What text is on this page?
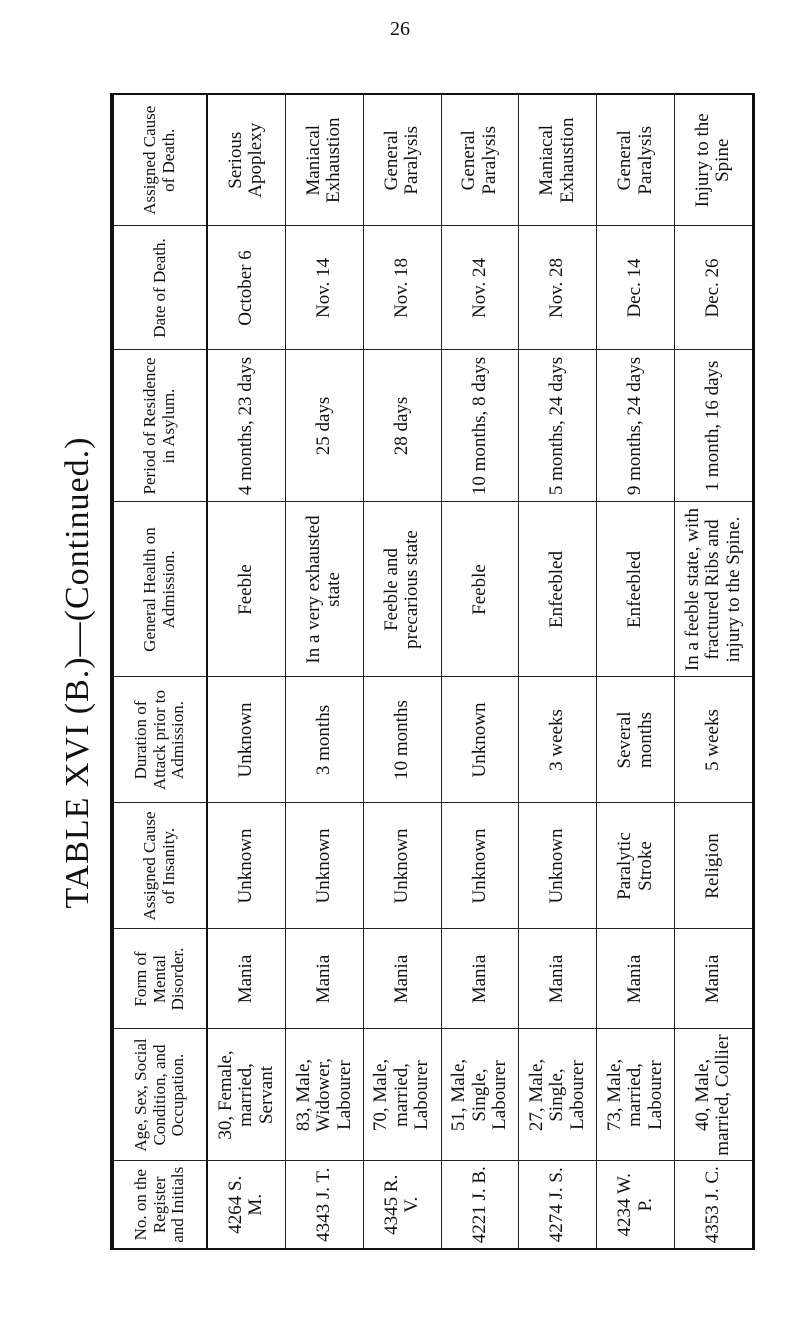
26
TABLE XVI (B.)—(Continued.)
No. on the Register and Initials	Age, Sex, Social Condition, and Occupation.	Form of Mental Disorder.	Assigned Cause of Insanity.	Duration of Attack prior to Admission.	General Health on Admission.	Period of Residence in Asylum.	Date of Death.	Assigned Cause of Death.
4264 S. M.	30, Female, married, Servant	Mania	Unknown	Unknown	Feeble	4 months, 23 days	October 6	Serious Apoplexy
4343 J. T.	83, Male, Widower, Labourer	Mania	Unknown	3 months	In a very exhausted state	25 days	Nov. 14	Maniacal Exhaustion
4345 R. V.	70, Male, married, Labourer	Mania	Unknown	10 months	Feeble and precarious state	28 days	Nov. 18	General Paralysis
4221 J. B.	51, Male, Single, Labourer	Mania	Unknown	Unknown	Feeble	10 months, 8 days	Nov. 24	General Paralysis
4274 J. S.	27, Male, Single, Labourer	Mania	Unknown	3 weeks	Enfeebled	5 months, 24 days	Nov. 28	Maniacal Exhaustion
4234 W. P.	73, Male, married, Labourer	Mania	Paralytic Stroke	Several months	Enfeebled	9 months, 24 days	Dec. 14	General Paralysis
4353 J. C.	40, Male, married, Collier	Mania	Religion	5 weeks	In a feeble state, with fractured Ribs and injury to the Spine.	1 month, 16 days	Dec. 26	Injury to the Spine
